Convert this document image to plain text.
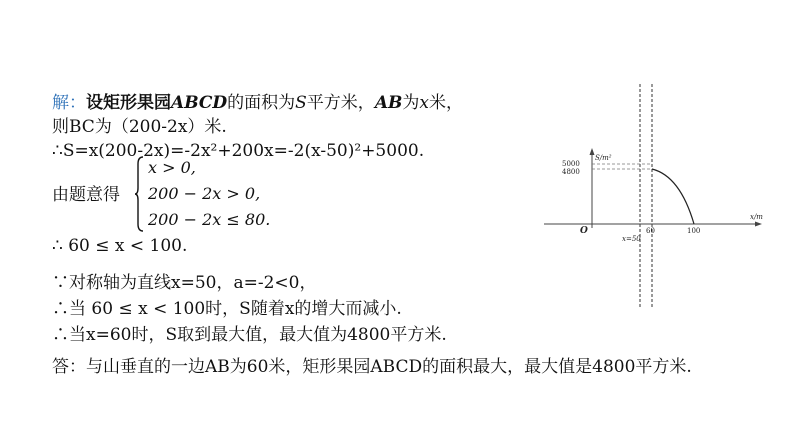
解：设矩形果园ABCD的面积为S平方米，AB为x米，
则BC为（200-2x）米.
∴S=x(200-2x)=-2x²+200x=-2(x-50)²+5000.
由题意得
x > 0,
200 − 2x > 0,
200 − 2x ≤ 80.
∴ 60 ≤ x < 100.
∵对称轴为直线x=50，a=-2<0，
∴当 60 ≤ x < 100时，S随着x的增大而减小.
∴当x=60时，S取到最大值，最大值为4800平方米.
答：与山垂直的一边AB为60米，矩形果园ABCD的面积最大，最大值是4800平方米.
S/m²
x/m
O
5000
4800
60	100
x=50
